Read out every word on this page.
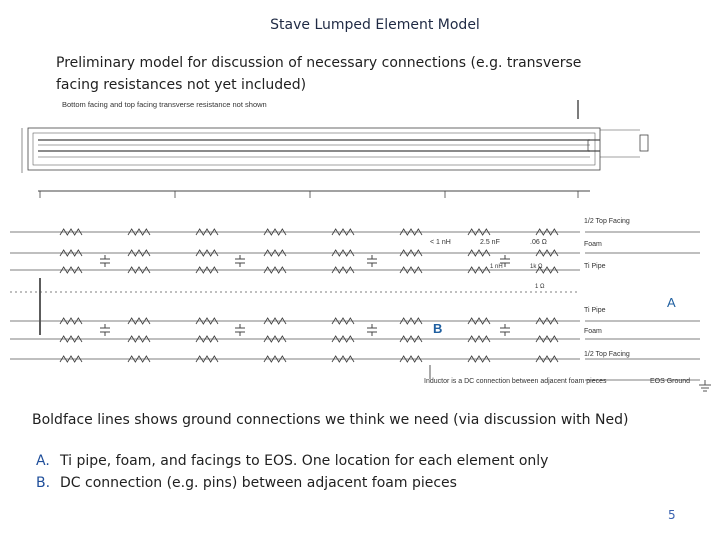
Stave Lumped Element Model
Preliminary model for discussion of necessary connections (e.g. transverse facing resistances not yet included)
Bottom facing and top facing transverse resistance not shown
< 1 nH	2.5 nF	.06 Ω
1 nH	1k Ω
1 Ω
1/2 Top Facing
Foam
Ti Pipe
Ti Pipe
Foam
1/2 Top Facing
Inductor is a DC connection between adjacent foam pieces	EOS Ground
A
B
Boldface lines shows ground connections we think we need (via discussion with Ned)
A. Ti pipe, foam, and facings to EOS. One location for each element only
B. DC connection (e.g. pins) between adjacent foam pieces
5
